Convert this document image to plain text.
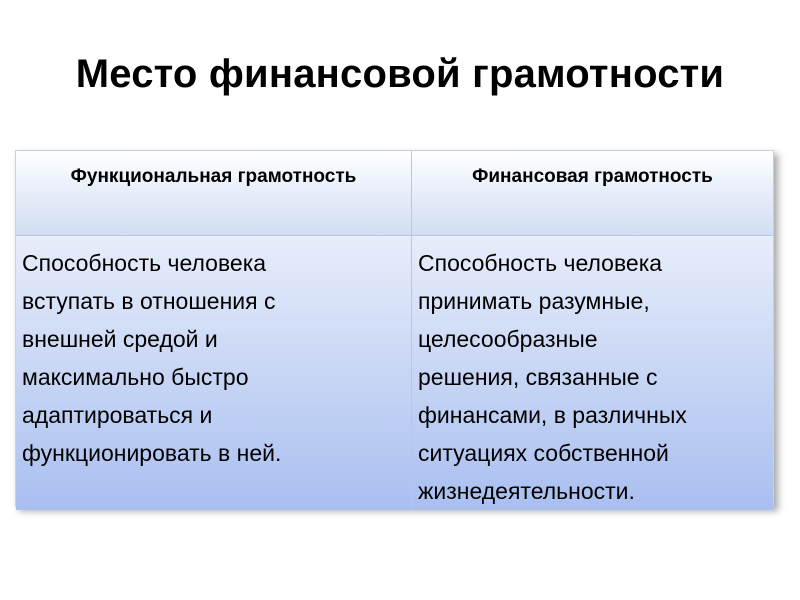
Место финансовой грамотности
Функциональная грамотность	Финансовая грамотность
Способность человека
вступать в отношения с
внешней средой и
максимально быстро
адаптироваться и
функционировать в ней.
Способность человека
принимать разумные,
целесообразные
решения, связанные с
финансами, в различных
ситуациях собственной
жизнедеятельности.
